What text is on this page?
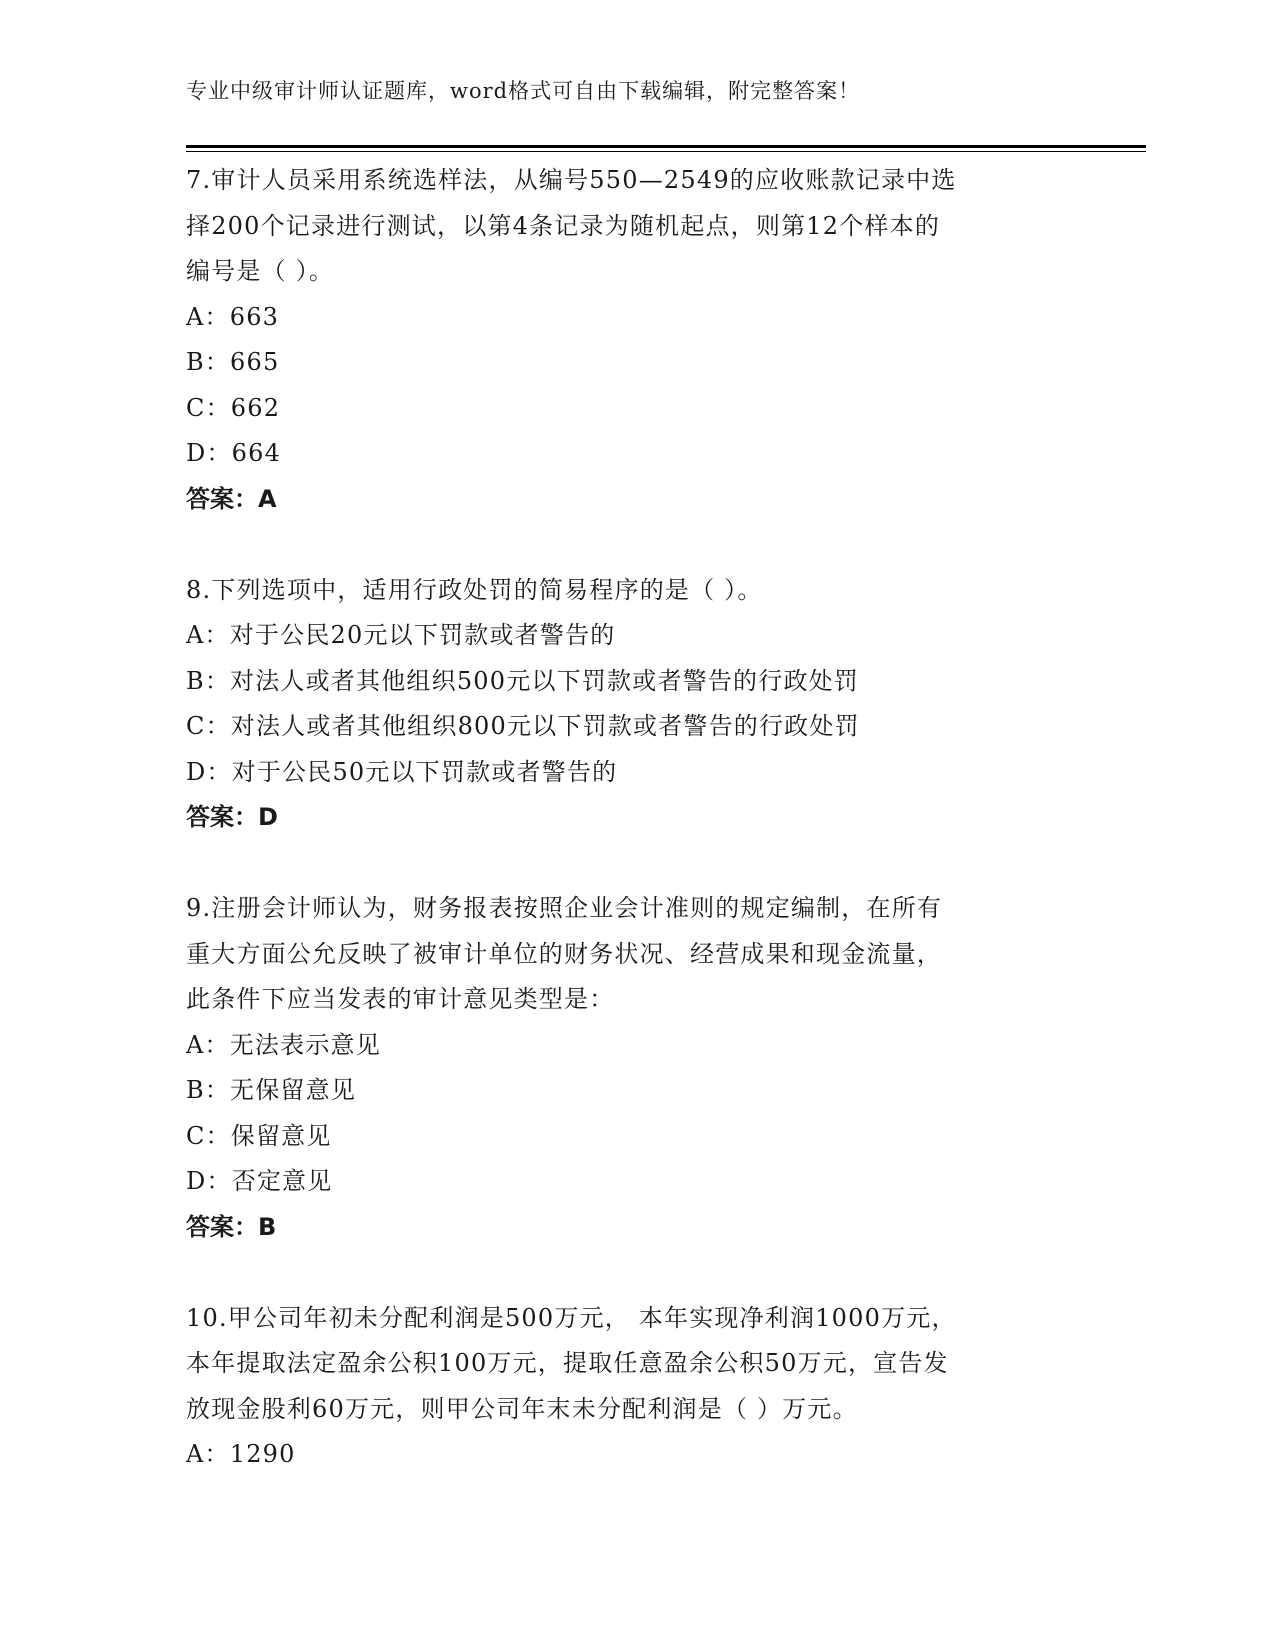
专业中级审计师认证题库，word格式可自由下载编辑，附完整答案！

7.审计人员采用系统选样法，从编号550—2549的应收账款记录中选

择200个记录进行测试，以第4条记录为随机起点，则第12个样本的

编号是（ ）。

A：663

B：665

C：662

D：664

答案：A

8.下列选项中，适用行政处罚的简易程序的是（ ）。

A：对于公民20元以下罚款或者警告的

B：对法人或者其他组织500元以下罚款或者警告的行政处罚

C：对法人或者其他组织800元以下罚款或者警告的行政处罚

D：对于公民50元以下罚款或者警告的

答案：D

9.注册会计师认为，财务报表按照企业会计准则的规定编制，在所有

重大方面公允反映了被审计单位的财务状况、经营成果和现金流量，

此条件下应当发表的审计意见类型是：

A：无法表示意见

B：无保留意见

C：保留意见

D：否定意见

答案：B

10.甲公司年初未分配利润是500万元， 本年实现净利润1000万元，

本年提取法定盈余公积100万元，提取任意盈余公积50万元，宣告发

放现金股利60万元，则甲公司年末未分配利润是（ ）万元。

A：1290
